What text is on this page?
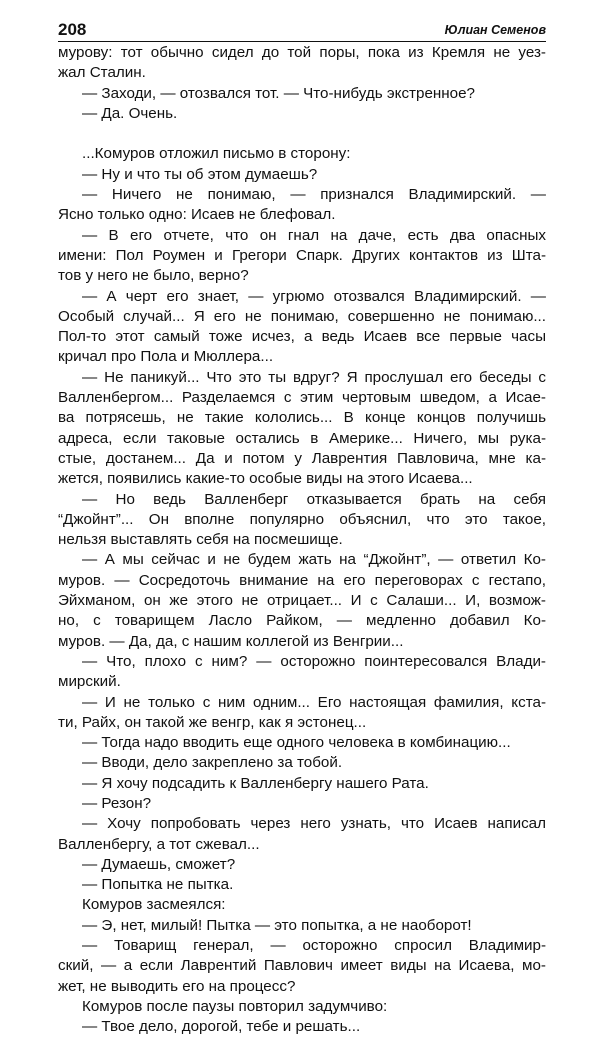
208	Юлиан Семенов
мурову: тот обычно сидел до той поры, пока из Кремля не уез-
жал Сталин.
— Заходи, — отозвался тот. — Что-нибудь экстренное?
— Да. Очень.
...Комуров отложил письмо в сторону:
— Ну и что ты об этом думаешь?
— Ничего не понимаю, — признался Владимирский. —
Ясно только одно: Исаев не блефовал.
— В его отчете, что он гнал на даче, есть два опасных
имени: Пол Роумен и Грегори Спарк. Других контактов из Шта-
тов у него не было, верно?
— А черт его знает, — угрюмо отозвался Владимирский. —
Особый случай... Я его не понимаю, совершенно не понимаю...
Пол-то этот самый тоже исчез, а ведь Исаев все первые часы
кричал про Пола и Мюллера...
— Не паникуй... Что это ты вдруг? Я прослушал его беседы с
Валленбергом... Разделаемся с этим чертовым шведом, а Исае-
ва потрясешь, не такие кололись... В конце концов получишь
адреса, если таковые остались в Америке... Ничего, мы рука-
стые, достанем... Да и потом у Лаврентия Павловича, мне ка-
жется, появились какие-то особые виды на этого Исаева...
— Но ведь Валленберг отказывается брать на себя
“Джойнт”... Он вполне популярно объяснил, что это такое,
нельзя выставлять себя на посмешище.
— А мы сейчас и не будем жать на “Джойнт”, — ответил Ко-
муров. — Сосредоточь внимание на его переговорах с гестапо,
Эйхманом, он же этого не отрицает... И с Салаши... И, возмож-
но, с товарищем Ласло Райком, — медленно добавил Ко-
муров. — Да, да, с нашим коллегой из Венгрии...
— Что, плохо с ним? — осторожно поинтересовался Влади-
мирский.
— И не только с ним одним... Его настоящая фамилия, кста-
ти, Райх, он такой же венгр, как я эстонец...
— Тогда надо вводить еще одного человека в комбинацию...
— Вводи, дело закреплено за тобой.
— Я хочу подсадить к Валленбергу нашего Рата.
— Резон?
— Хочу попробовать через него узнать, что Исаев написал
Валленбергу, а тот сжевал...
— Думаешь, сможет?
— Попытка не пытка.
Комуров засмеялся:
— Э, нет, милый! Пытка — это попытка, а не наоборот!
— Товарищ генерал, — осторожно спросил Владимир-
ский, — а если Лаврентий Павлович имеет виды на Исаева, мо-
жет, не выводить его на процесс?
Комуров после паузы повторил задумчиво:
— Твое дело, дорогой, тебе и решать...
